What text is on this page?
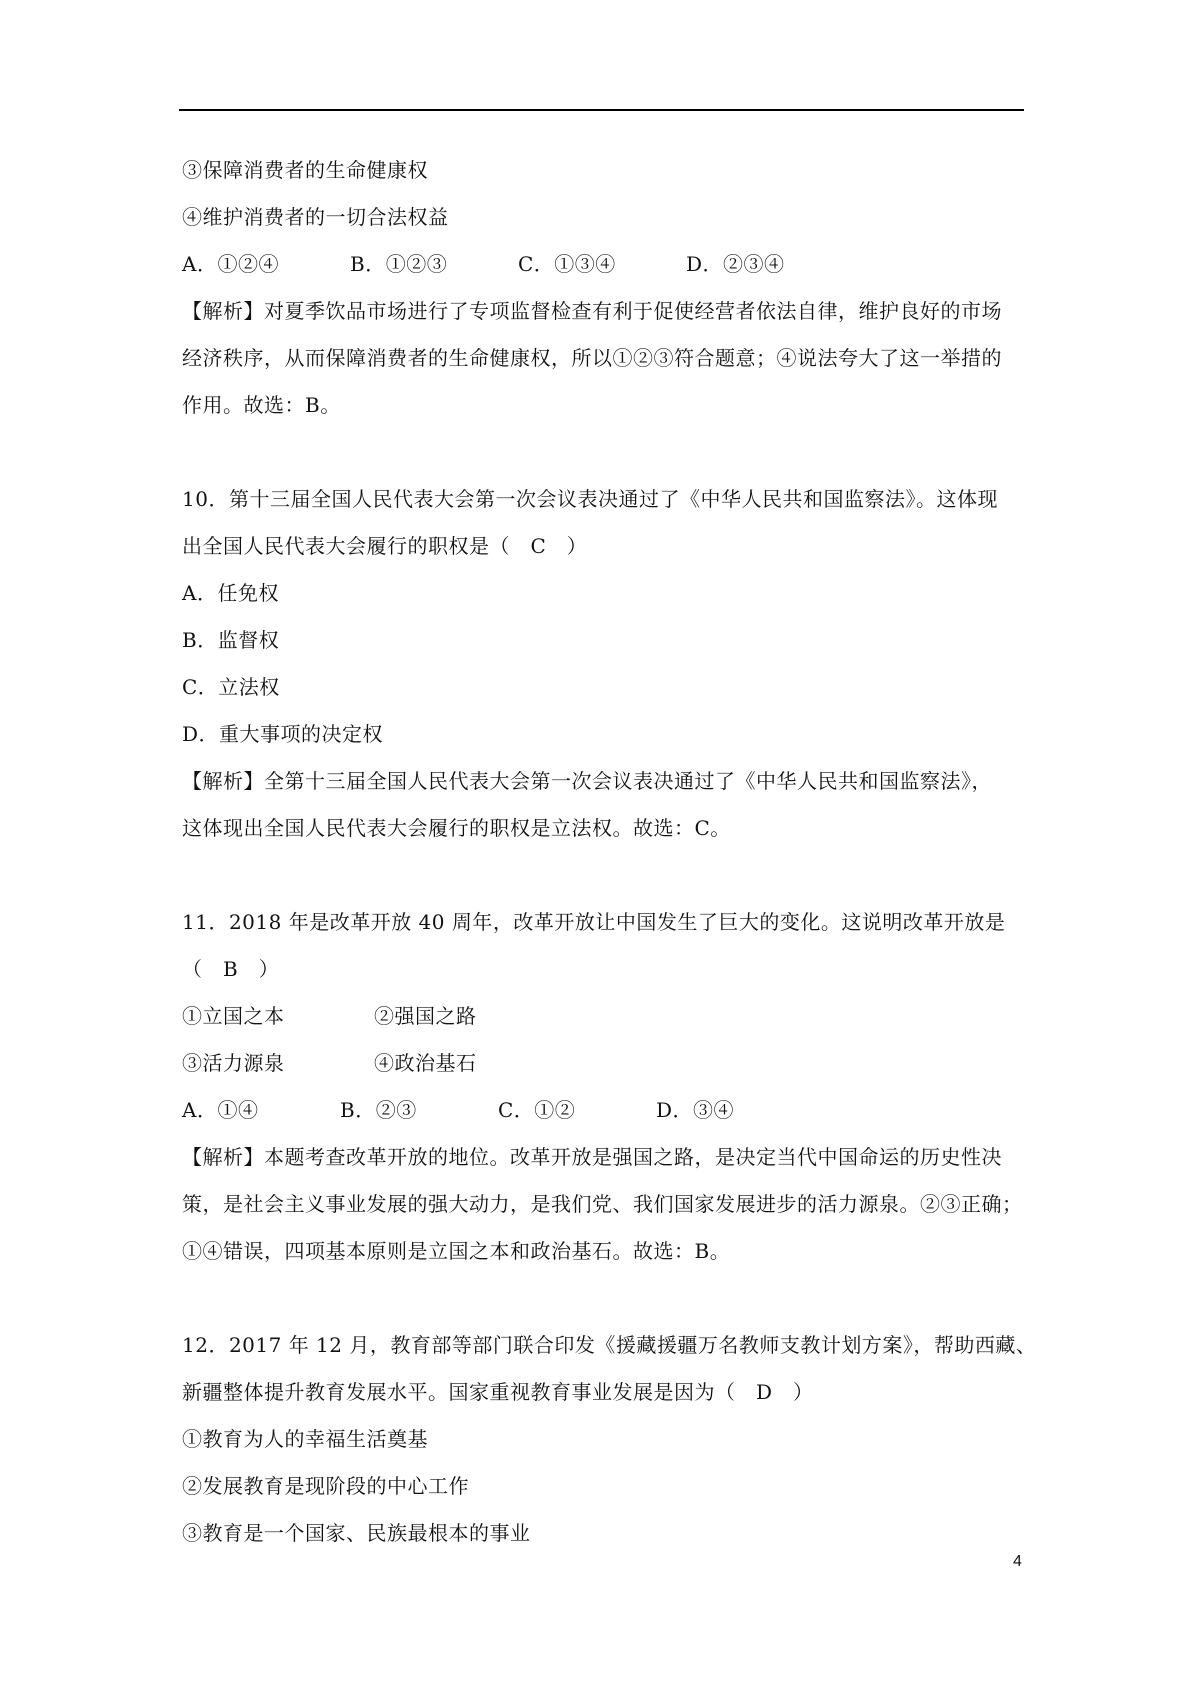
③保障消费者的生命健康权
④维护消费者的一切合法权益
A．①②④	B．①②③	C．①③④	D．②③④
【解析】对夏季饮品市场进行了专项监督检查有利于促使经营者依法自律，维护良好的市场
经济秩序，从而保障消费者的生命健康权，所以①②③符合题意；④说法夸大了这一举措的
作用。故选：B。
10．第十三届全国人民代表大会第一次会议表决通过了《中华人民共和国监察法》。这体现
出全国人民代表大会履行的职权是（　C　）
A．任免权
B．监督权
C．立法权
D．重大事项的决定权
【解析】全第十三届全国人民代表大会第一次会议表决通过了《中华人民共和国监察法》，
这体现出全国人民代表大会履行的职权是立法权。故选：C。
11．2018 年是改革开放 40 周年，改革开放让中国发生了巨大的变化。这说明改革开放是
（　B　）
①立国之本	②强国之路
③活力源泉	④政治基石
A．①④	B．②③	C．①②	D．③④
【解析】本题考查改革开放的地位。改革开放是强国之路，是决定当代中国命运的历史性决
策，是社会主义事业发展的强大动力，是我们党、我们国家发展进步的活力源泉。②③正确；
①④错误，四项基本原则是立国之本和政治基石。故选：B。
12．2017 年 12 月，教育部等部门联合印发《援藏援疆万名教师支教计划方案》，帮助西藏、
新疆整体提升教育发展水平。国家重视教育事业发展是因为（　D　）
①教育为人的幸福生活奠基
②发展教育是现阶段的中心工作
③教育是一个国家、民族最根本的事业
4
